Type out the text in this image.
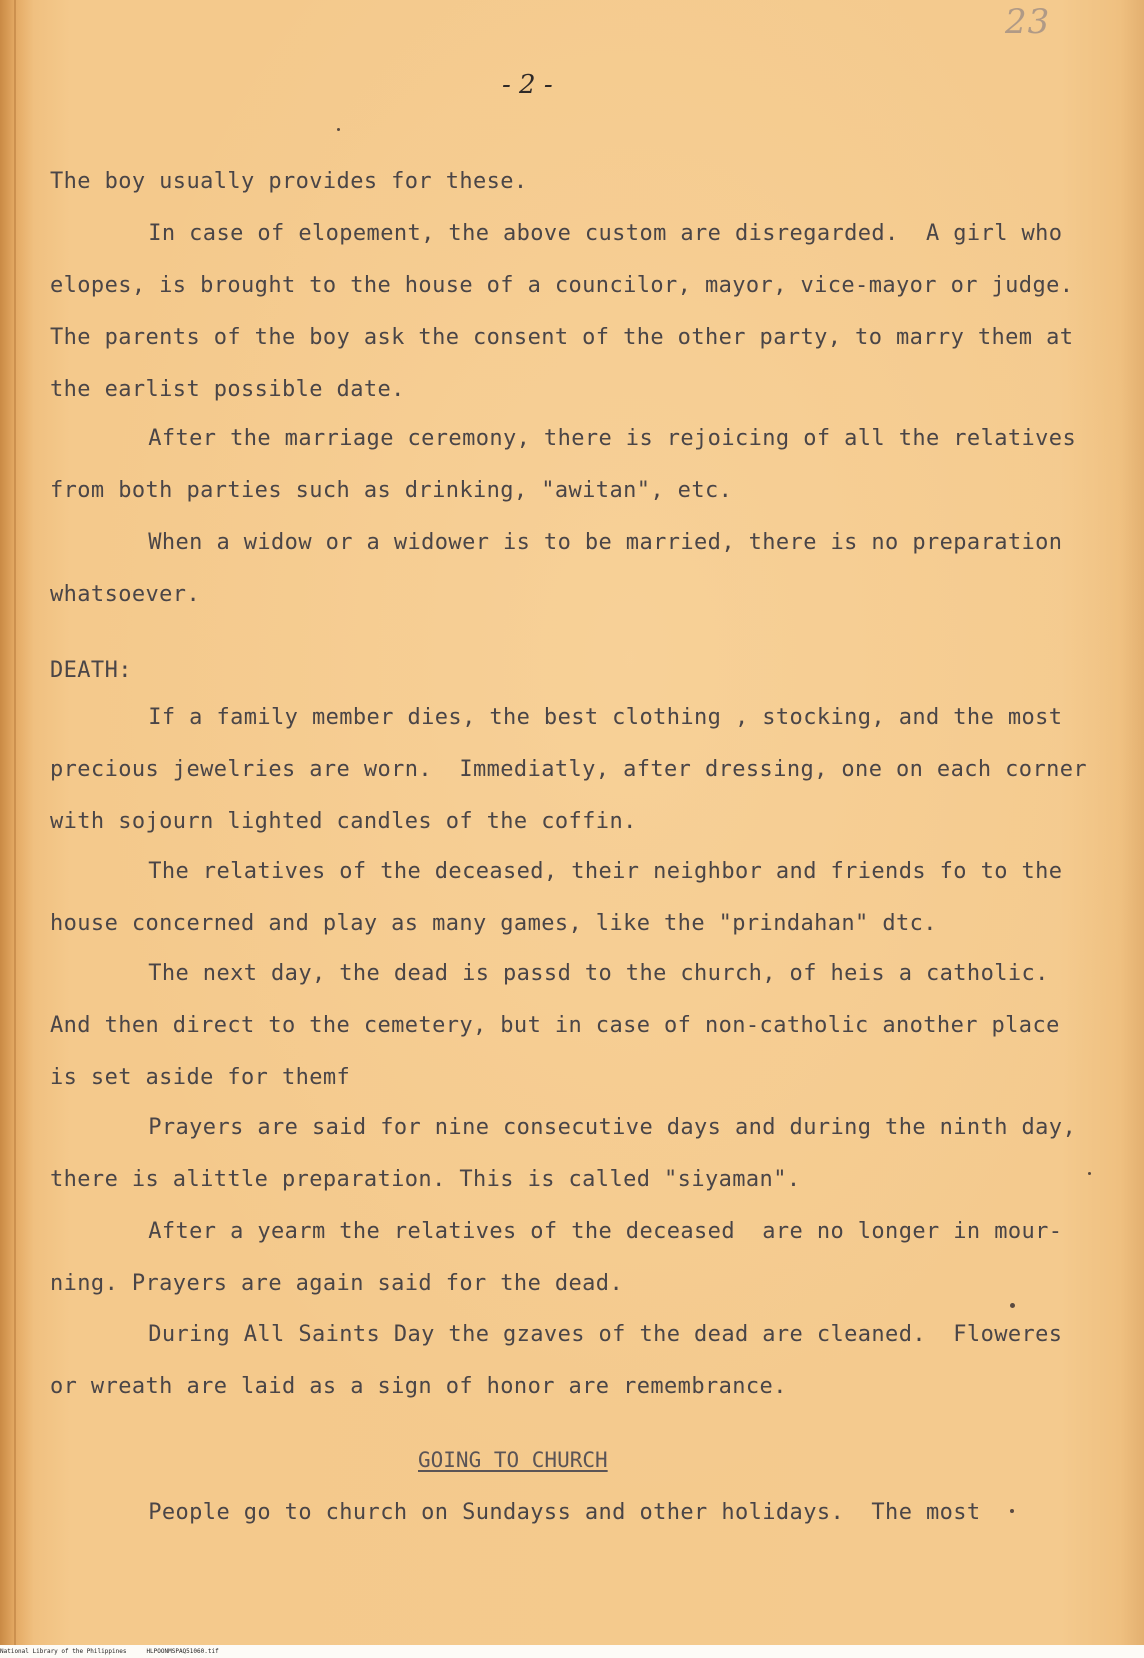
23
- 2 -
The boy usually provides for these.
In case of elopement, the above custom are disregarded.  A girl who
elopes, is brought to the house of a councilor, mayor, vice-mayor or judge.
The parents of the boy ask the consent of the other party, to marry them at
the earlist possible date.
After the marriage ceremony, there is rejoicing of all the relatives
from both parties such as drinking, "awitan", etc.
When a widow or a widower is to be married, there is no preparation
whatsoever.
DEATH:
If a family member dies, the best clothing , stocking, and the most
precious jewelries are worn.  Immediatly, after dressing, one on each corner
with sojourn lighted candles of the coffin.
The relatives of the deceased, their neighbor and friends fo to the
house concerned and play as many games, like the "prindahan" dtc.
The next day, the dead is passd to the church, of heis a catholic.
And then direct to the cemetery, but in case of non-catholic another place
is set aside for themf
Prayers are said for nine consecutive days and during the ninth day,
there is alittle preparation. This is called "siyaman".
After a yearm the relatives of the deceased  are no longer in mour-
ning. Prayers are again said for the dead.
During All Saints Day the gzaves of the dead are cleaned.  Floweres
or wreath are laid as a sign of honor are remembrance.
GOING TO CHURCH
People go to church on Sundayss and other holidays.  The most
National Library of the Philippines	HLPOONMSPAQ51060.tif
